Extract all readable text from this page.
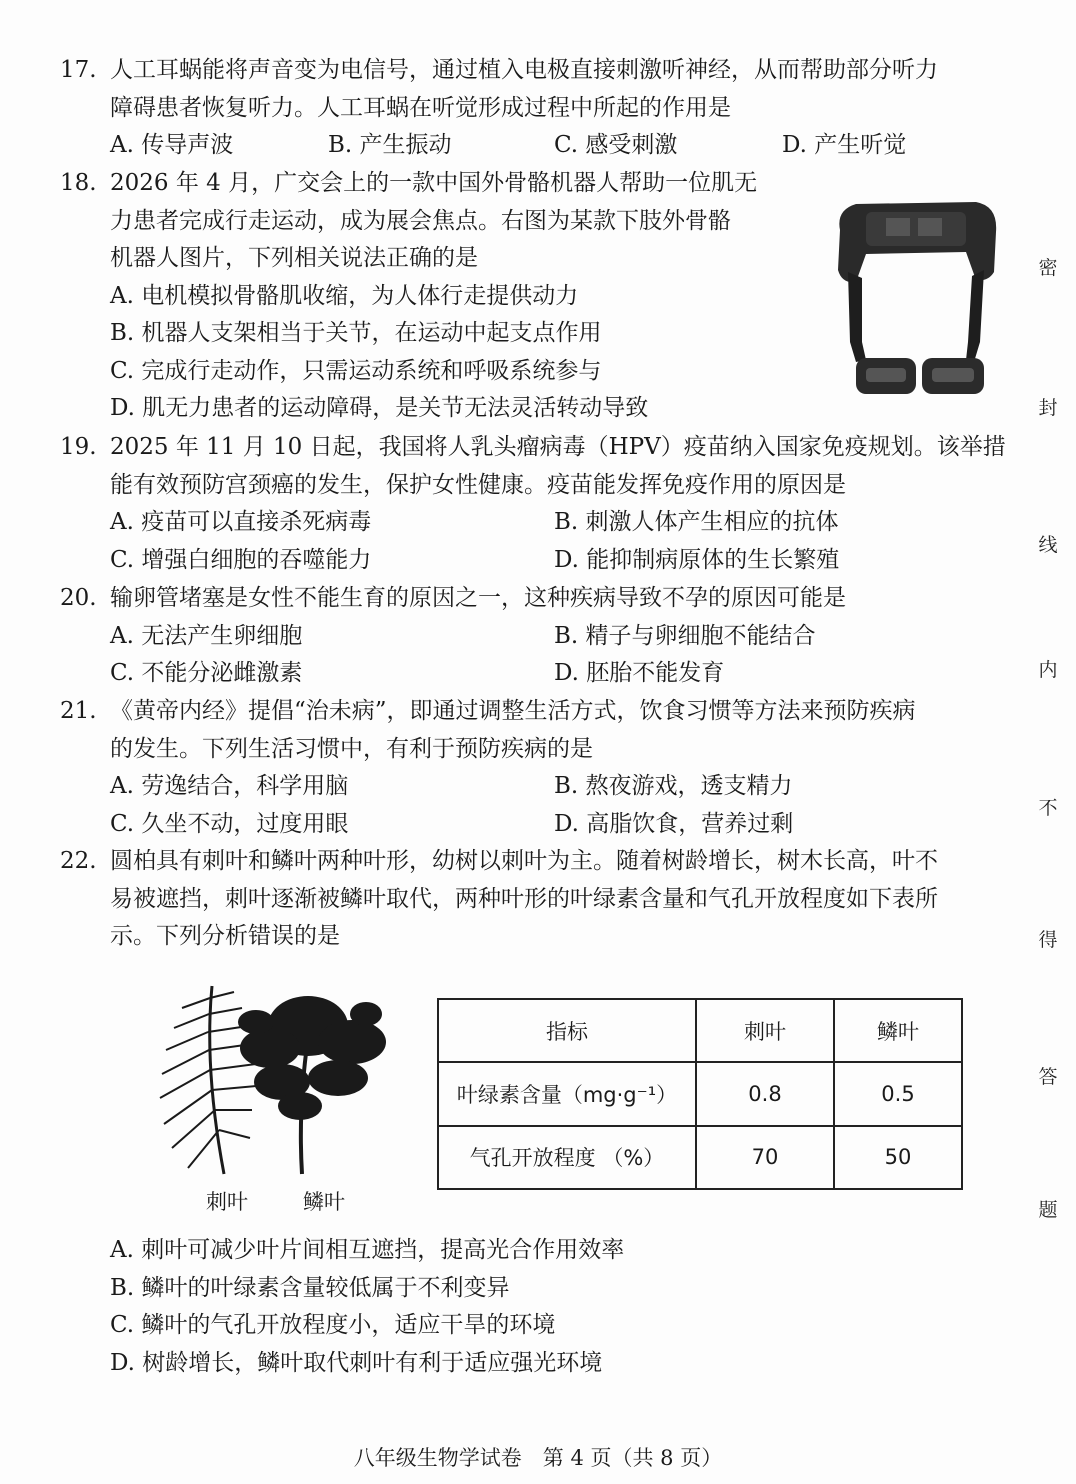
17. 人工耳蜗能将声音变为电信号，通过植入电极直接刺激听神经，从而帮助部分听力
障碍患者恢复听力。人工耳蜗在听觉形成过程中所起的作用是
A. 传导声波	B. 产生振动	C. 感受刺激	D. 产生听觉
18. 2026 年 4 月，广交会上的一款中国外骨骼机器人帮助一位肌无
力患者完成行走运动，成为展会焦点。右图为某款下肢外骨骼
机器人图片，下列相关说法正确的是
A. 电机模拟骨骼肌收缩，为人体行走提供动力
B. 机器人支架相当于关节，在运动中起支点作用
C. 完成行走动作，只需运动系统和呼吸系统参与
D. 肌无力患者的运动障碍，是关节无法灵活转动导致
19. 2025 年 11 月 10 日起，我国将人乳头瘤病毒（HPV）疫苗纳入国家免疫规划。该举措
能有效预防宫颈癌的发生，保护女性健康。疫苗能发挥免疫作用的原因是
A. 疫苗可以直接杀死病毒	B. 刺激人体产生相应的抗体
C. 增强白细胞的吞噬能力	D. 能抑制病原体的生长繁殖
20. 输卵管堵塞是女性不能生育的原因之一，这种疾病导致不孕的原因可能是
A. 无法产生卵细胞	B. 精子与卵细胞不能结合
C. 不能分泌雌激素	D. 胚胎不能发育
21. 《黄帝内经》提倡“治未病”，即通过调整生活方式，饮食习惯等方法来预防疾病
的发生。下列生活习惯中，有利于预防疾病的是
A. 劳逸结合，科学用脑	B. 熬夜游戏，透支精力
C. 久坐不动，过度用眼	D. 高脂饮食，营养过剩
22. 圆柏具有刺叶和鳞叶两种叶形，幼树以刺叶为主。随着树龄增长，树木长高，叶不
易被遮挡，刺叶逐渐被鳞叶取代，两种叶形的叶绿素含量和气孔开放程度如下表所
示。下列分析错误的是
刺叶	鳞叶
指标	刺叶	鳞叶
叶绿素含量（mg·g⁻¹）	0.8	0.5
气孔开放程度 （%）	70	50
A. 刺叶可减少叶片间相互遮挡，提高光合作用效率
B. 鳞叶的叶绿素含量较低属于不利变异
C. 鳞叶的气孔开放程度小，适应干旱的环境
D. 树龄增长，鳞叶取代刺叶有利于适应强光环境
密
封
线
内
不
得
答
题
八年级生物学试卷　第 4 页（共 8 页）
